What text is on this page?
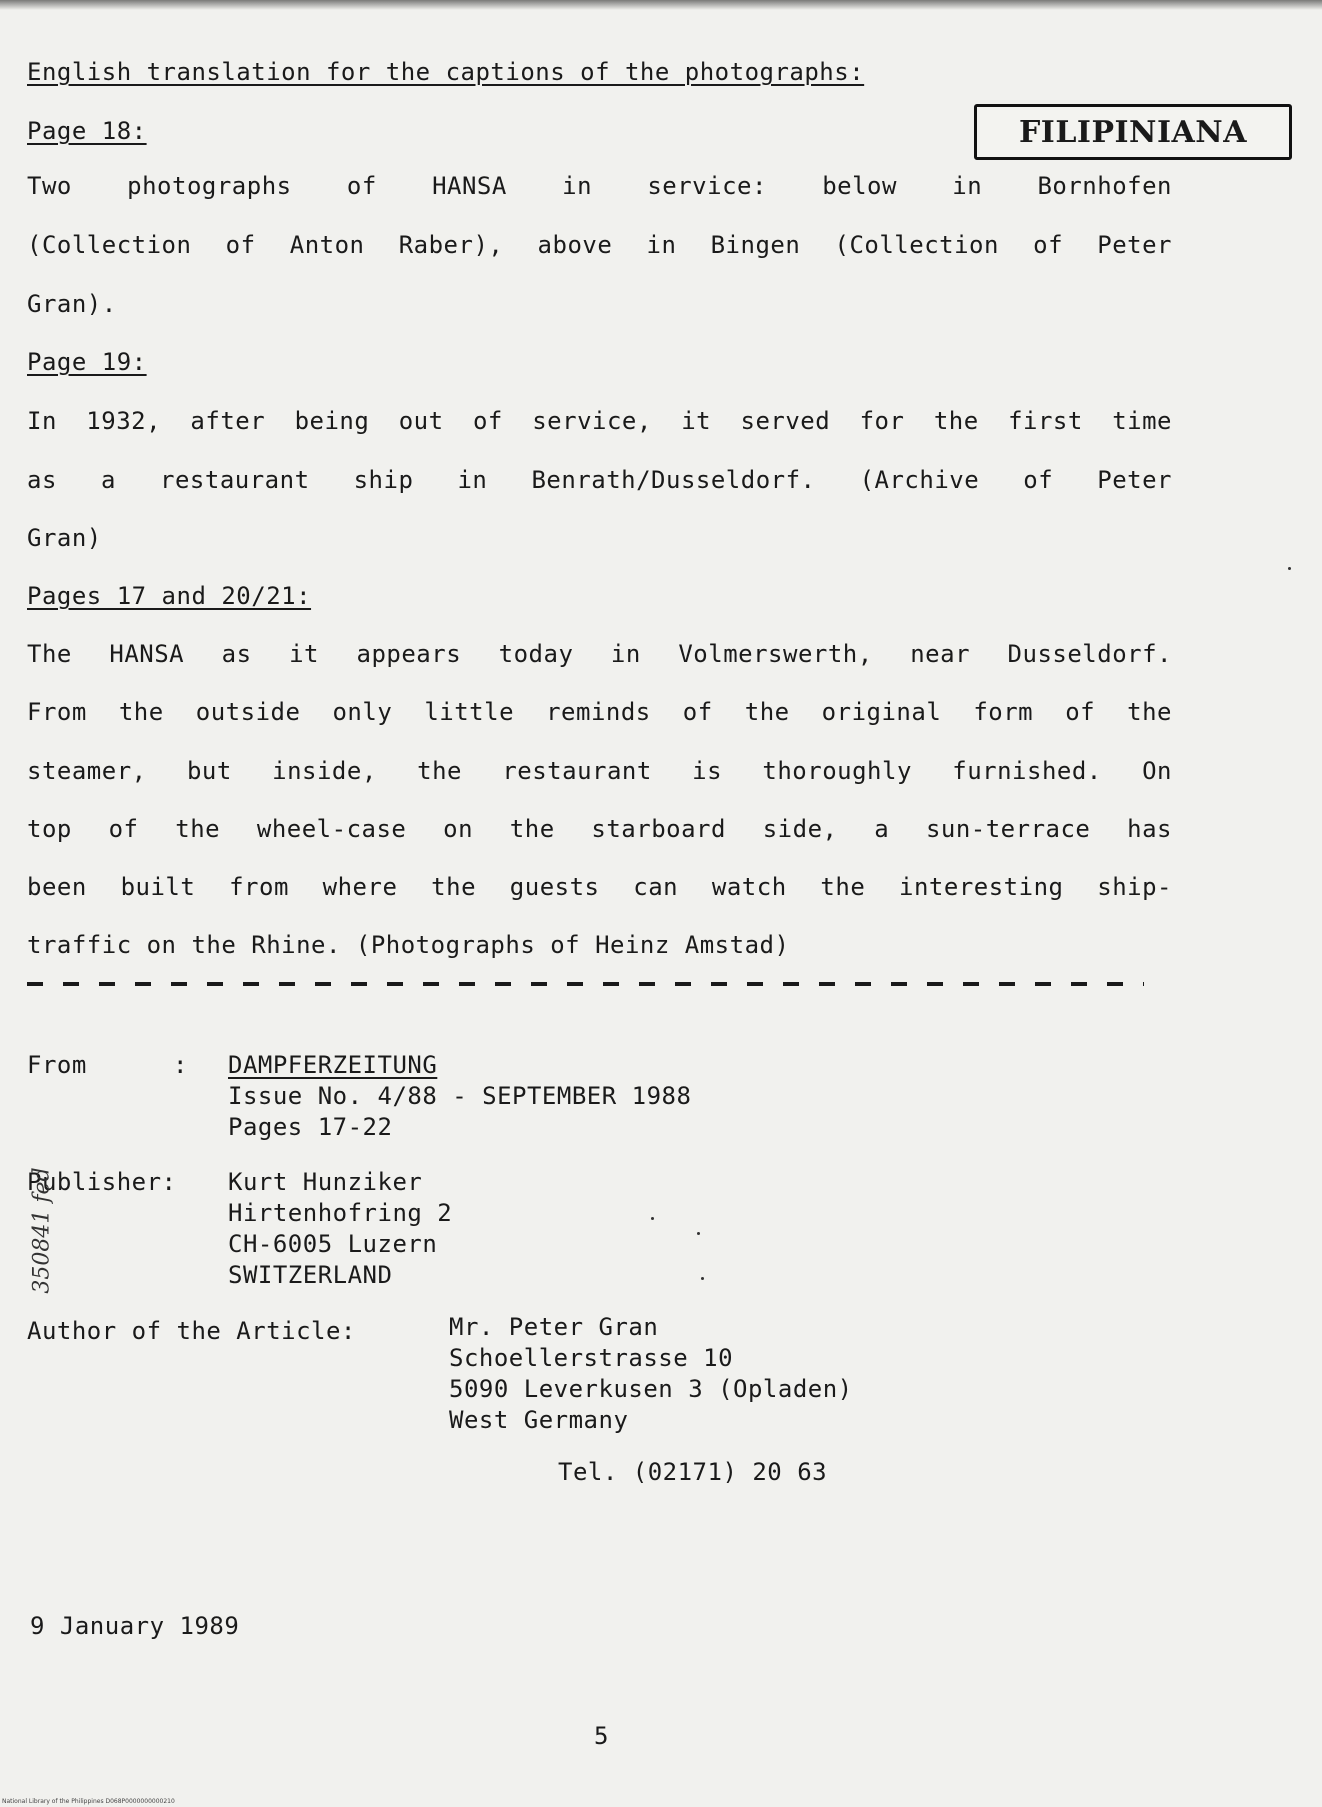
English translation for the captions of the photographs:
FILIPINIANA
Page 18:
Two photographs of HANSA in service: below in Bornhofen
(Collection of Anton Raber), above in Bingen (Collection of Peter
Gran).
Page 19:
In 1932, after being out of service, it served for the first time
as a restaurant ship in Benrath/Dusseldorf. (Archive of Peter
Gran)
Pages 17 and 20/21:
The HANSA as it appears today in Volmerswerth, near Dusseldorf.
From the outside only little reminds of the original form of the
steamer, but inside, the restaurant is thoroughly furnished. On
top of the wheel-case on the starboard side, a sun-terrace has
been built from where the guests can watch the interesting ship-
traffic on the Rhine. (Photographs of Heinz Amstad)
From	: DAMPFERZEITUNG
Issue No. 4/88 - SEPTEMBER 1988
Pages 17-22
Publisher: Kurt Hunziker
Hirtenhofring 2
CH-6005 Luzern
SWITZERLAND
350841 fed
Author of the Article:	Mr. Peter Gran
Schoellerstrasse 10
5090 Leverkusen 3 (Opladen)
West Germany
Tel. (02171) 20 63
9 January 1989
5
National Library of the Philippines D068P0000000000210
